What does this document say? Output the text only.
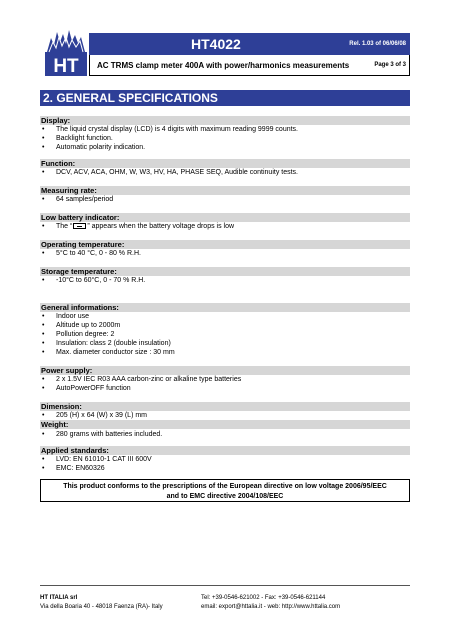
HT
HT4022	Rel. 1.03 of 06/06/08
AC TRMS clamp meter 400A with power/harmonics measurements	Page 3 of 3
2. GENERAL SPECIFICATIONS
Display:
• The liquid crystal display (LCD) is 4 digits with maximum reading 9999 counts.
• Backlight function.
• Automatic polarity indication.
Function:
• DCV, ACV, ACA, OHM, W, W3, HV, HA, PHASE SEQ, Audible continuity tests.
Measuring rate:
• 64 samples/period
Low battery indicator:
• The “ ” appears when the battery voltage drops is low
Operating temperature:
• 5°C to 40 °C, 0 - 80 % R.H.
Storage temperature:
• -10°C to 60°C, 0 - 70 % R.H.
General informations:
• Indoor use
• Altitude up to 2000m
• Pollution degree: 2
• Insulation: class 2 (double insulation)
• Max. diameter conductor size : 30 mm
Power supply:
• 2 x 1.5V IEC R03 AAA carbon-zinc or alkaline type batteries
• AutoPowerOFF function
Dimension:
• 205 (H) x 64 (W) x 39 (L) mm
Weight:
• 280 grams with batteries included.
Applied standards:
• LVD: EN 61010-1 CAT III 600V
• EMC: EN60326
This product conforms to the prescriptions of the European directive on low voltage 2006/95/EEC
and to EMC directive 2004/108/EEC
HT ITALIA srl
Via della Boaria 40 - 48018 Faenza (RA)- Italy
Tel: +39-0546-621002 - Fax: +39-0546-621144
email: export@httalia.it - web: http://www.httalia.com
